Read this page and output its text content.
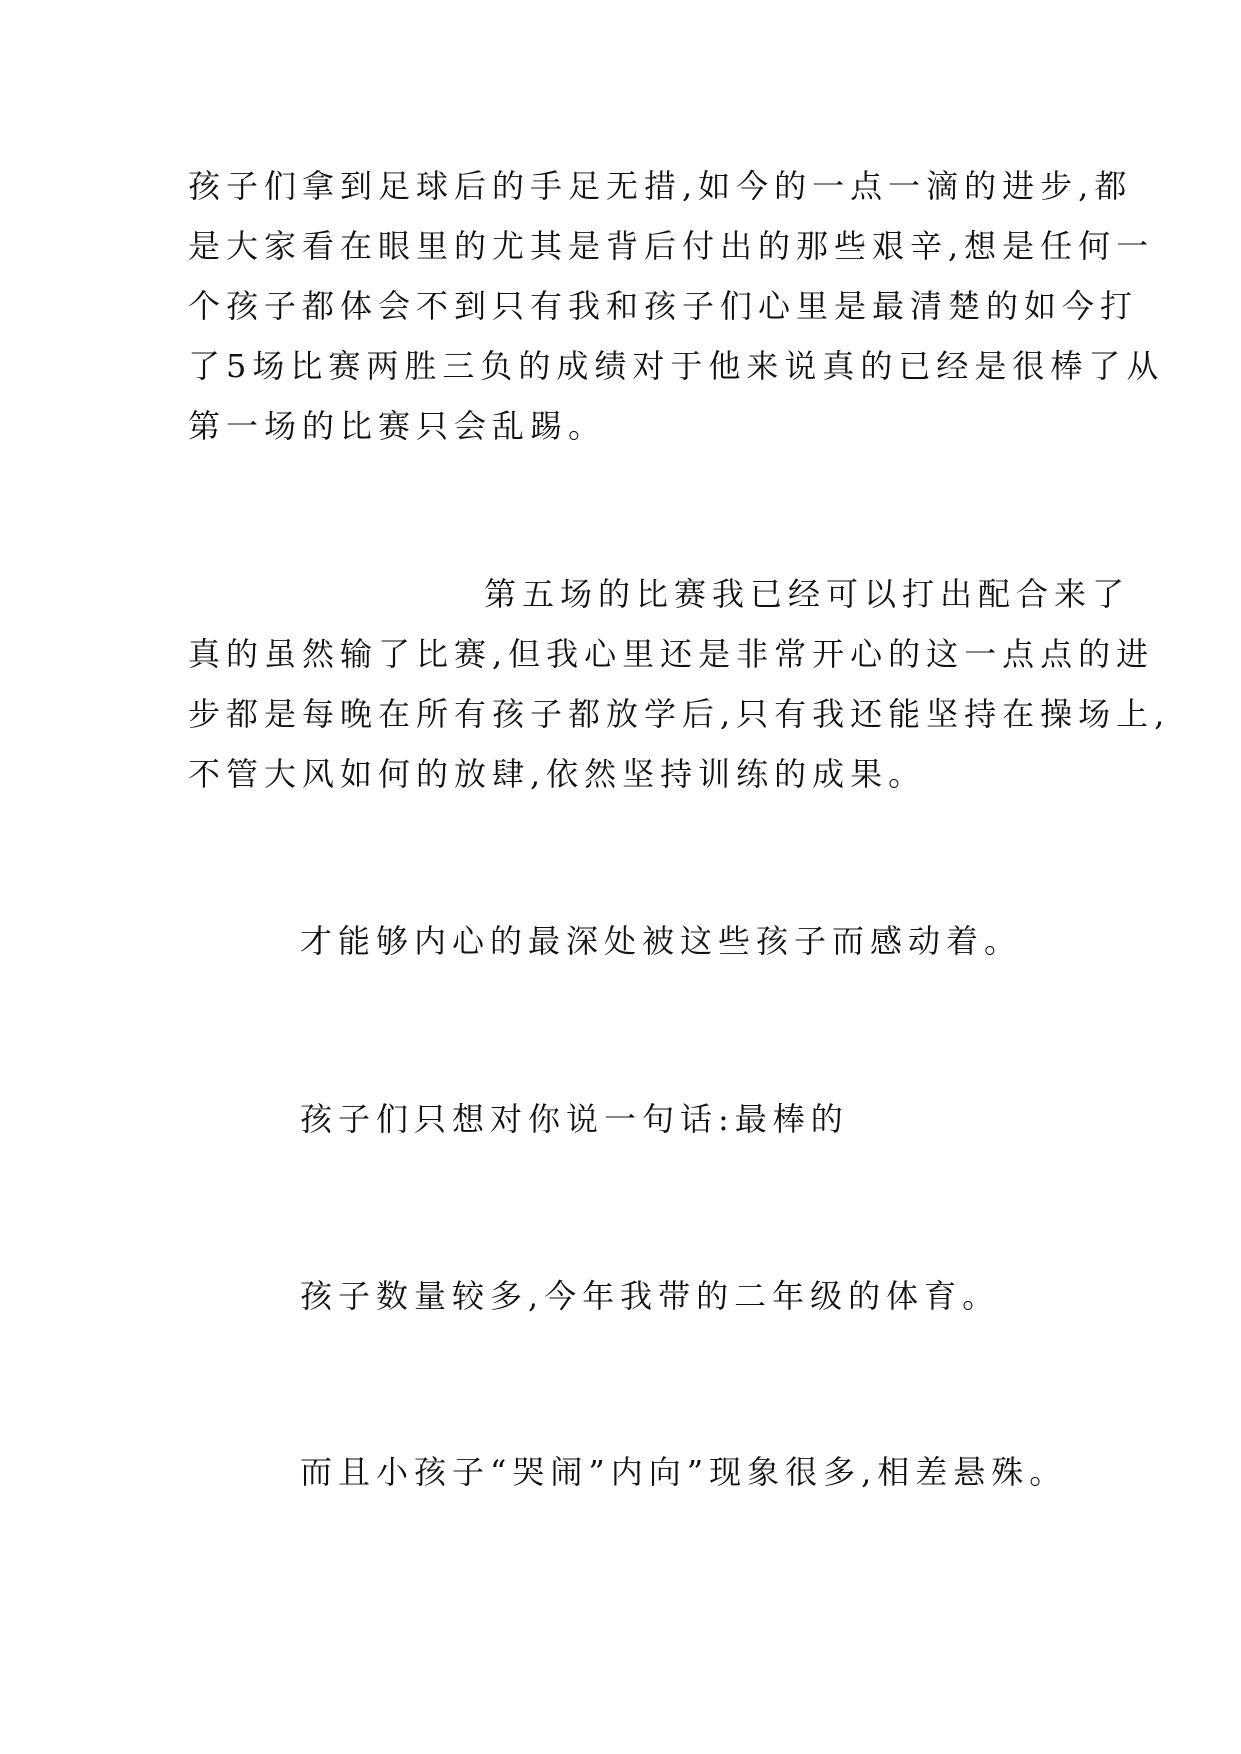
孩子们拿到足球后的手足无措,如今的一点一滴的进步,都
是大家看在眼里的尤其是背后付出的那些艰辛,想是任何一
个孩子都体会不到只有我和孩子们心里是最清楚的如今打
了5场比赛两胜三负的成绩对于他来说真的已经是很棒了从
第一场的比赛只会乱踢。
第五场的比赛我已经可以打出配合来了
真的虽然输了比赛,但我心里还是非常开心的这一点点的进
步都是每晚在所有孩子都放学后,只有我还能坚持在操场上,
不管大风如何的放肆,依然坚持训练的成果。
才能够内心的最深处被这些孩子而感动着。
孩子们只想对你说一句话:最棒的
孩子数量较多,今年我带的二年级的体育。
而且小孩子“哭闹”内向”现象很多,相差悬殊。
